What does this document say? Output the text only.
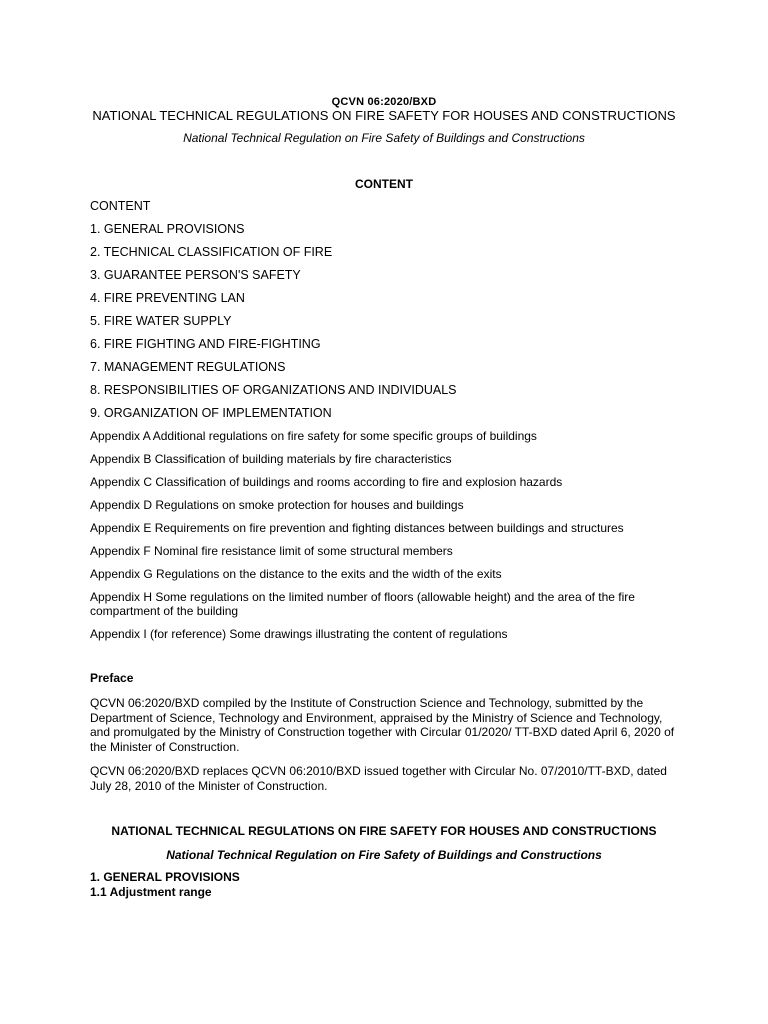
QCVN 06:2020/BXD
NATIONAL TECHNICAL REGULATIONS ON FIRE SAFETY FOR HOUSES AND CONSTRUCTIONS
National Technical Regulation on Fire Safety of Buildings and Constructions
CONTENT
CONTENT
1. GENERAL PROVISIONS
2. TECHNICAL CLASSIFICATION OF FIRE
3. GUARANTEE PERSON'S SAFETY
4. FIRE PREVENTING LAN
5. FIRE WATER SUPPLY
6. FIRE FIGHTING AND FIRE-FIGHTING
7. MANAGEMENT REGULATIONS
8. RESPONSIBILITIES OF ORGANIZATIONS AND INDIVIDUALS
9. ORGANIZATION OF IMPLEMENTATION
Appendix A Additional regulations on fire safety for some specific groups of buildings
Appendix B Classification of building materials by fire characteristics
Appendix C Classification of buildings and rooms according to fire and explosion hazards
Appendix D Regulations on smoke protection for houses and buildings
Appendix E Requirements on fire prevention and fighting distances between buildings and structures
Appendix F Nominal fire resistance limit of some structural members
Appendix G Regulations on the distance to the exits and the width of the exits
Appendix H Some regulations on the limited number of floors (allowable height) and the area of the fire compartment of the building
Appendix I (for reference) Some drawings illustrating the content of regulations
Preface

QCVN 06:2020/BXD compiled by the Institute of Construction Science and Technology, submitted by the Department of Science, Technology and Environment, appraised by the Ministry of Science and Technology, and promulgated by the Ministry of Construction together with Circular 01/2020/ TT-BXD dated April 6, 2020 of the Minister of Construction.

QCVN 06:2020/BXD replaces QCVN 06:2010/BXD issued together with Circular No. 07/2010/TT-BXD, dated July 28, 2010 of the Minister of Construction.

NATIONAL TECHNICAL REGULATIONS ON FIRE SAFETY FOR HOUSES AND CONSTRUCTIONS
National Technical Regulation on Fire Safety of Buildings and Constructions
1. GENERAL PROVISIONS
1.1 Adjustment range
